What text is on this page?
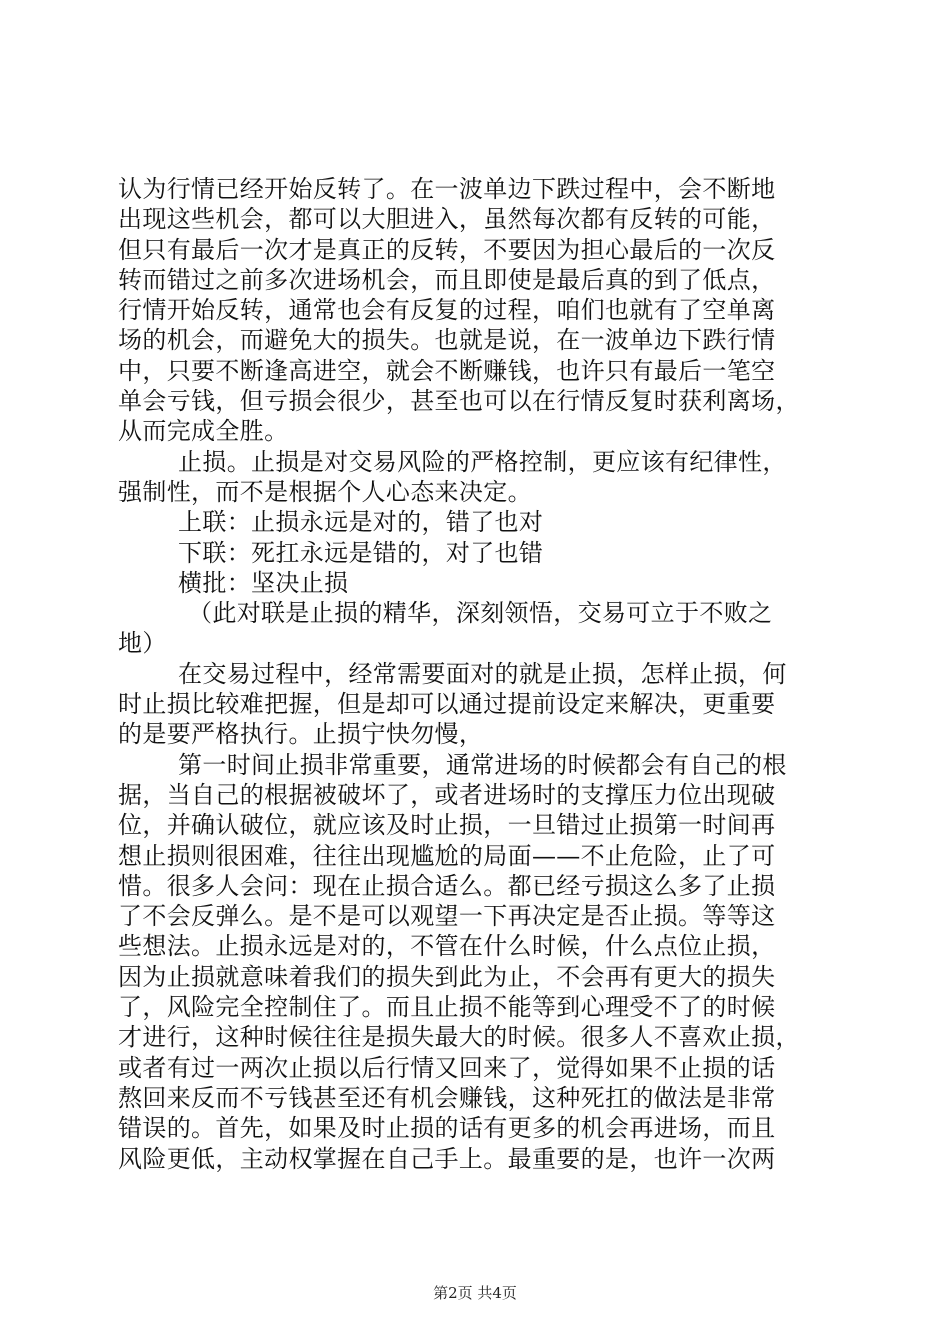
认为行情已经开始反转了。在一波单边下跌过程中，会不断地
出现这些机会，都可以大胆进入，虽然每次都有反转的可能，
但只有最后一次才是真正的反转，不要因为担心最后的一次反
转而错过之前多次进场机会，而且即使是最后真的到了低点，
行情开始反转，通常也会有反复的过程，咱们也就有了空单离
场的机会，而避免大的损失。也就是说，在一波单边下跌行情
中，只要不断逢高进空，就会不断赚钱，也许只有最后一笔空
单会亏钱，但亏损会很少，甚至也可以在行情反复时获利离场，
从而完成全胜。
止损。止损是对交易风险的严格控制，更应该有纪律性，
强制性，而不是根据个人心态来决定。
上联：止损永远是对的，错了也对
下联：死扛永远是错的，对了也错
横批：坚决止损
（此对联是止损的精华，深刻领悟，交易可立于不败之
地）
在交易过程中，经常需要面对的就是止损，怎样止损，何
时止损比较难把握，但是却可以通过提前设定来解决，更重要
的是要严格执行。止损宁快勿慢，
第一时间止损非常重要，通常进场的时候都会有自己的根
据，当自己的根据被破坏了，或者进场时的支撑压力位出现破
位，并确认破位，就应该及时止损，一旦错过止损第一时间再
想止损则很困难，往往出现尴尬的局面——不止危险，止了可
惜。很多人会问：现在止损合适么。都已经亏损这么多了止损
了不会反弹么。是不是可以观望一下再决定是否止损。等等这
些想法。止损永远是对的，不管在什么时候，什么点位止损，
因为止损就意味着我们的损失到此为止，不会再有更大的损失
了，风险完全控制住了。而且止损不能等到心理受不了的时候
才进行，这种时候往往是损失最大的时候。很多人不喜欢止损，
或者有过一两次止损以后行情又回来了，觉得如果不止损的话
熬回来反而不亏钱甚至还有机会赚钱，这种死扛的做法是非常
错误的。首先，如果及时止损的话有更多的机会再进场，而且
风险更低，主动权掌握在自己手上。最重要的是，也许一次两
第2页 共4页
